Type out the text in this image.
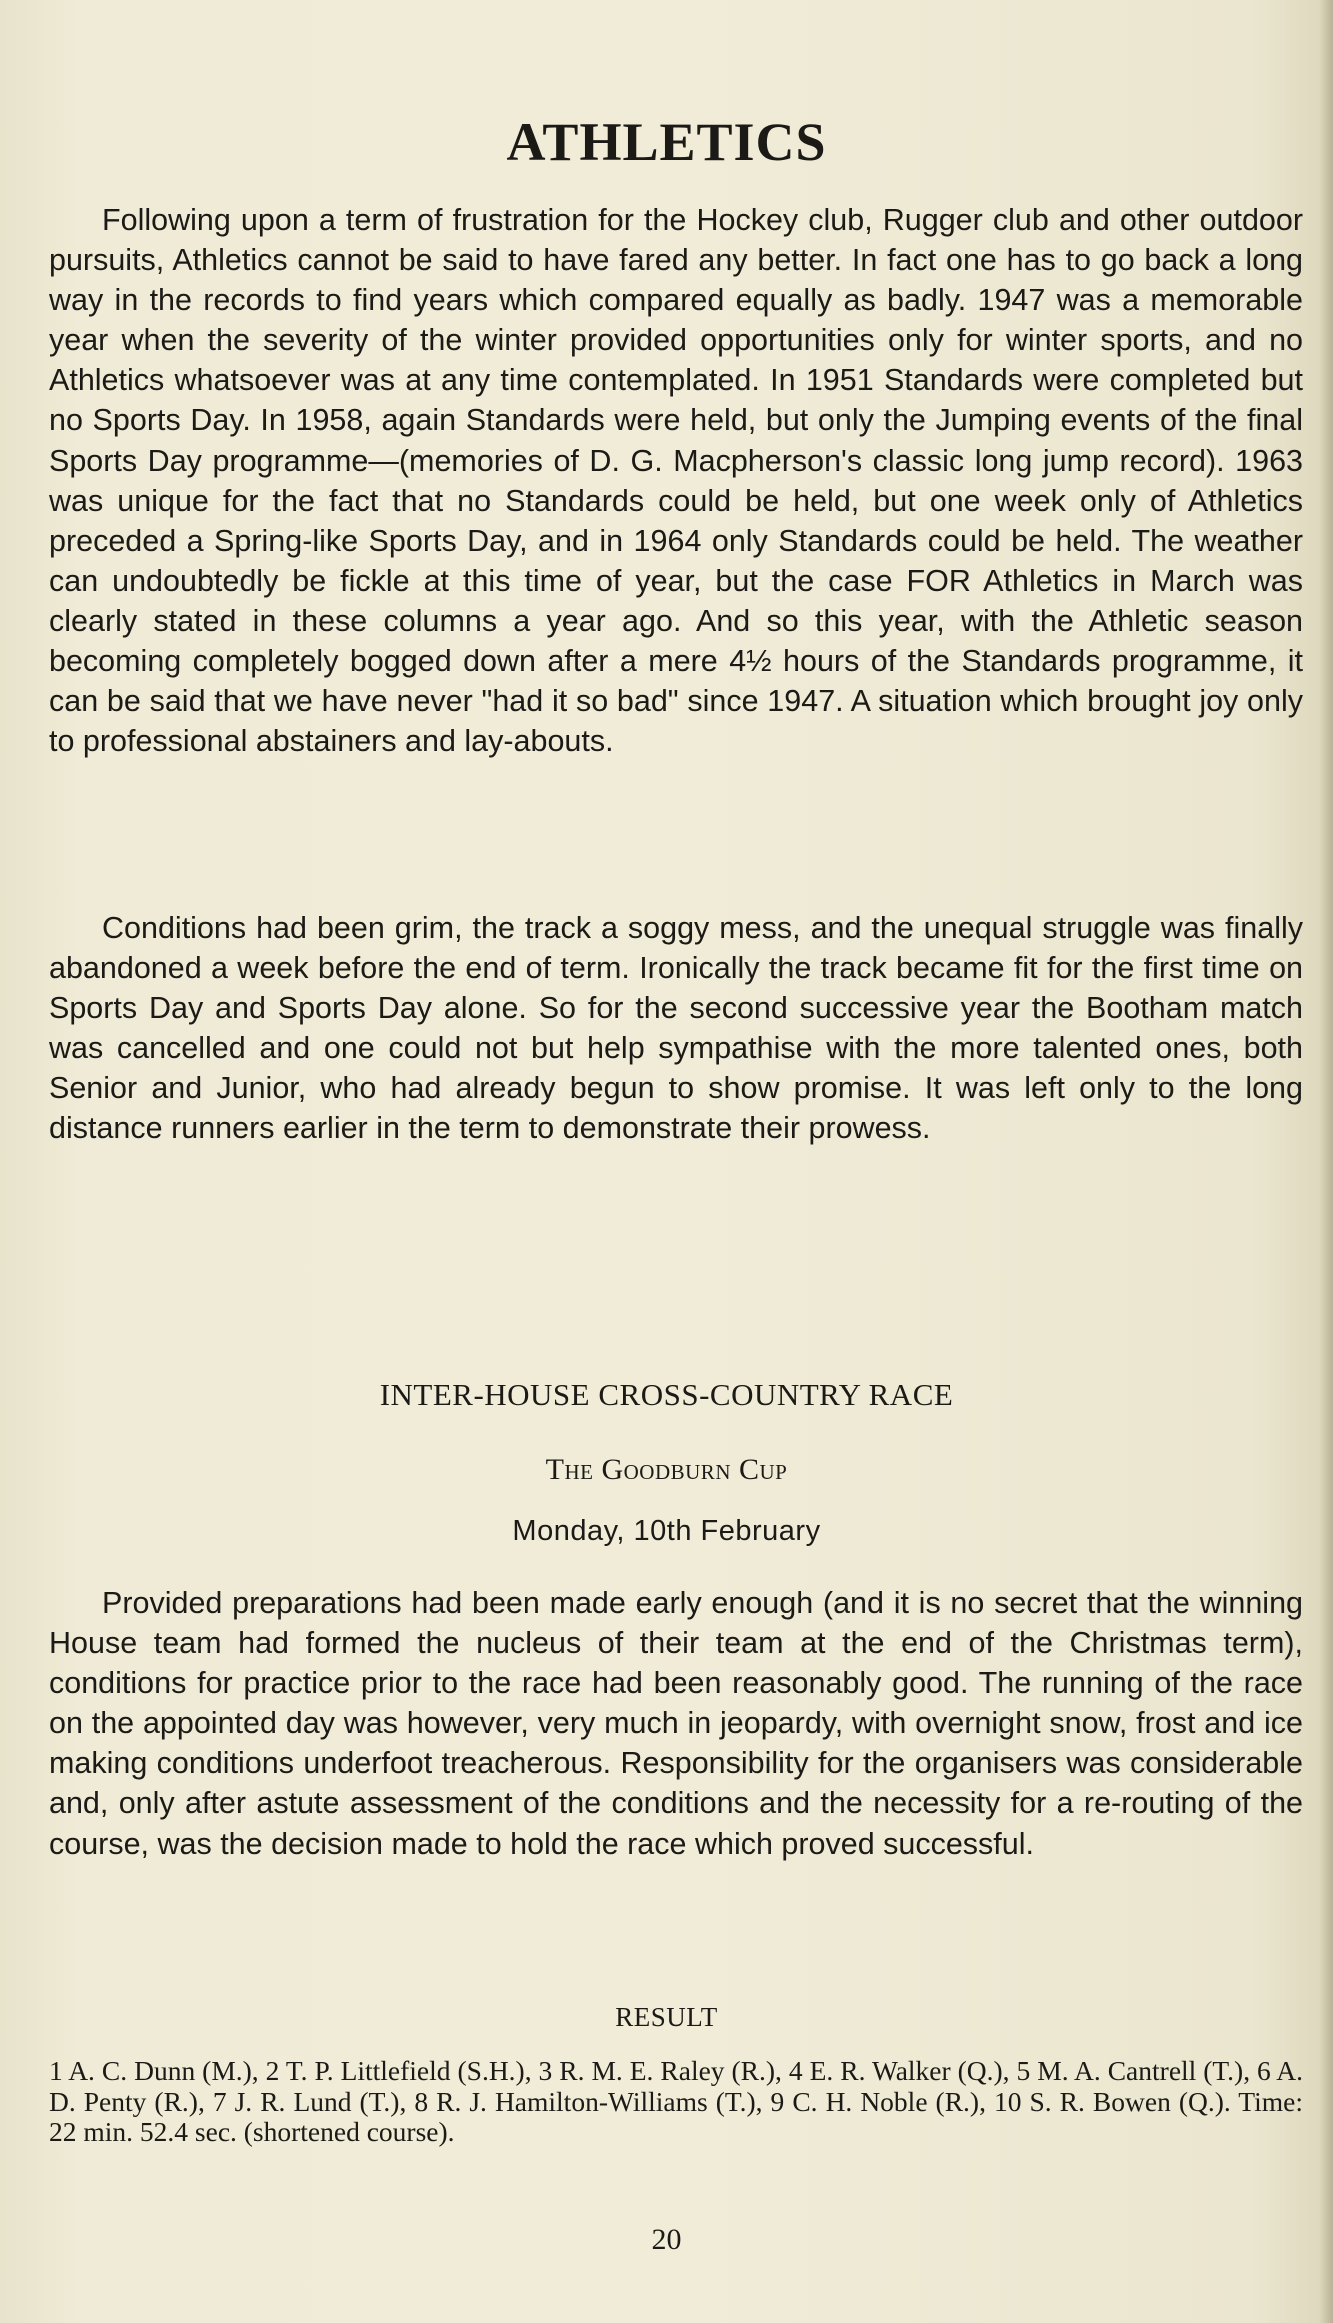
ATHLETICS

Following upon a term of frustration for the Hockey club, Rugger club and other outdoor pursuits, Athletics cannot be said to have fared any better. In fact one has to go back a long way in the records to find years which compared equally as badly. 1947 was a memorable year when the severity of the winter provided opportunities only for winter sports, and no Athletics whatsoever was at any time contemplated. In 1951 Standards were completed but no Sports Day. In 1958, again Standards were held, but only the Jumping events of the final Sports Day programme—(memories of D. G. Macpherson's classic long jump record). 1963 was unique for the fact that no Standards could be held, but one week only of Athletics preceded a Spring-like Sports Day, and in 1964 only Standards could be held. The weather can undoubtedly be fickle at this time of year, but the case FOR Athletics in March was clearly stated in these columns a year ago. And so this year, with the Athletic season becoming completely bogged down after a mere 4½ hours of the Standards programme, it can be said that we have never "had it so bad" since 1947. A situation which brought joy only to professional abstainers and lay-abouts.

Conditions had been grim, the track a soggy mess, and the unequal struggle was finally abandoned a week before the end of term. Ironically the track became fit for the first time on Sports Day and Sports Day alone. So for the second successive year the Bootham match was cancelled and one could not but help sympathise with the more talented ones, both Senior and Junior, who had already begun to show promise. It was left only to the long distance runners earlier in the term to demonstrate their prowess.

INTER-HOUSE CROSS-COUNTRY RACE

The Goodburn Cup

Monday, 10th February

Provided preparations had been made early enough (and it is no secret that the winning House team had formed the nucleus of their team at the end of the Christmas term), conditions for practice prior to the race had been reasonably good. The running of the race on the appointed day was however, very much in jeopardy, with overnight snow, frost and ice making conditions underfoot treacherous. Responsibility for the organisers was considerable and, only after astute assessment of the conditions and the necessity for a re-routing of the course, was the decision made to hold the race which proved successful.

RESULT

1 A. C. Dunn (M.), 2 T. P. Littlefield (S.H.), 3 R. M. E. Raley (R.), 4 E. R. Walker (Q.), 5 M. A. Cantrell (T.), 6 A. D. Penty (R.), 7 J. R. Lund (T.), 8 R. J. Hamilton-Williams (T.), 9 C. H. Noble (R.), 10 S. R. Bowen (Q.). Time: 22 min. 52.4 sec. (shortened course).

20
